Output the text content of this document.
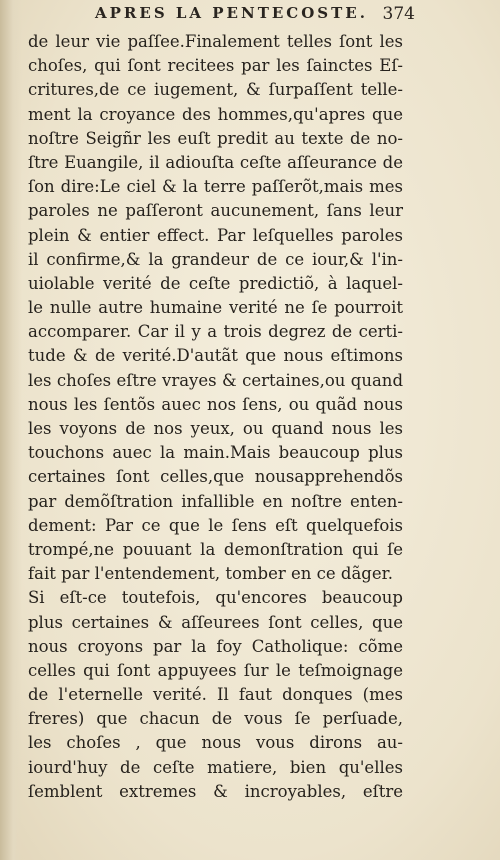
APRES LA PENTECOSTE. 374
de leur vie paſſee.Finalement telles ſont les
choſes, qui ſont recitees par les ſainctes Eſ-
critures,de ce iugement, & ſurpaſſent telle-
ment la croyance des hommes,qu'apres que
noſtre Seigñr les euſt predit au texte de no-
ſtre Euangile, il adiouſta ceſte aſſeurance de
ſon dire:Le ciel & la terre paſſerõt,mais mes
paroles ne paſſeront aucunement, ſans leur
plein & entier effect. Par leſquelles paroles
il confirme,& la grandeur de ce iour,& l'in-
uiolable verité de ceſte predictiõ, à laquel-
le nulle autre humaine verité ne ſe pourroit
accomparer. Car il y a trois degrez de certi-
tude & de verité.D'autãt que nous eſtimons
les choſes eſtre vrayes & certaines,ou quand
nous les ſentõs auec nos ſens, ou quãd nous
les voyons de nos yeux, ou quand nous les
touchons auec la main.Mais beaucoup plus
certaines ſont celles,que nousapprehendõs
par demõſtration infallible en noſtre enten-
dement: Par ce que le ſens eſt quelquefois
trompé,ne pouuant la demonſtration qui ſe
fait par l'entendement, tomber en ce dãger.
Si eſt-ce toutefois, qu'encores beaucoup
plus certaines & aſſeurees ſont celles, que
nous croyons par la foy Catholique: cõme
celles qui ſont appuyees ſur le teſmoignage
de l'eternelle verité. Il faut donques (mes
freres) que chacun de vous ſe perſuade,
les choſes , que nous vous dirons au-
iourd'huy de ceſte matiere, bien qu'elles
ſemblent extremes & incroyables, eſtre
